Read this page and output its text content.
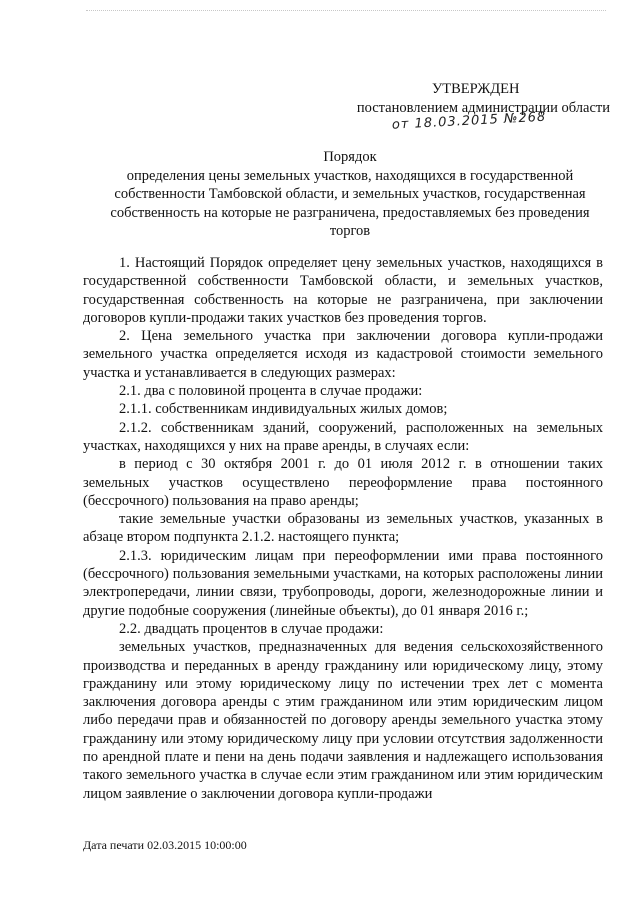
УТВЕРЖДЕН
постановлением администрации области
от 18.03.2015 №268
Порядок
определения цены земельных участков, находящихся в государственной собственности Тамбовской области, и земельных участков, государственная собственность на которые не разграничена, предоставляемых без проведения торгов

1. Настоящий Порядок определяет цену земельных участков, находящихся в государственной собственности Тамбовской области, и земельных участков, государственная собственность на которые не разграничена, при заключении договоров купли-продажи таких участков без проведения торгов.

2. Цена земельного участка при заключении договора купли-продажи земельного участка определяется исходя из кадастровой стоимости земельного участка и устанавливается в следующих размерах:

2.1. два с половиной процента в случае продажи:

2.1.1. собственникам индивидуальных жилых домов;

2.1.2. собственникам зданий, сооружений, расположенных на земельных участках, находящихся у них на праве аренды, в случаях если:

в период с 30 октября 2001 г. до 01 июля 2012 г. в отношении таких земельных участков осуществлено переоформление права постоянного (бессрочного) пользования на право аренды;

такие земельные участки образованы из земельных участков, указанных в абзаце втором подпункта 2.1.2. настоящего пункта;

2.1.3. юридическим лицам при переоформлении ими права постоянного (бессрочного) пользования земельными участками, на которых расположены линии электропередачи, линии связи, трубопроводы, дороги, железнодорожные линии и другие подобные сооружения (линейные объекты), до 01 января 2016 г.;

2.2. двадцать процентов в случае продажи:

земельных участков, предназначенных для ведения сельскохозяйственного производства и переданных в аренду гражданину или юридическому лицу, этому гражданину или этому юридическому лицу по истечении трех лет с момента заключения договора аренды с этим гражданином или этим юридическим лицом либо передачи прав и обязанностей по договору аренды земельного участка этому гражданину или этому юридическому лицу при условии отсутствия задолженности по арендной плате и пени на день подачи заявления и надлежащего использования такого земельного участка в случае если этим гражданином или этим юридическим лицом заявление о заключении договора купли-продажи

Дата печати 02.03.2015 10:00:00
